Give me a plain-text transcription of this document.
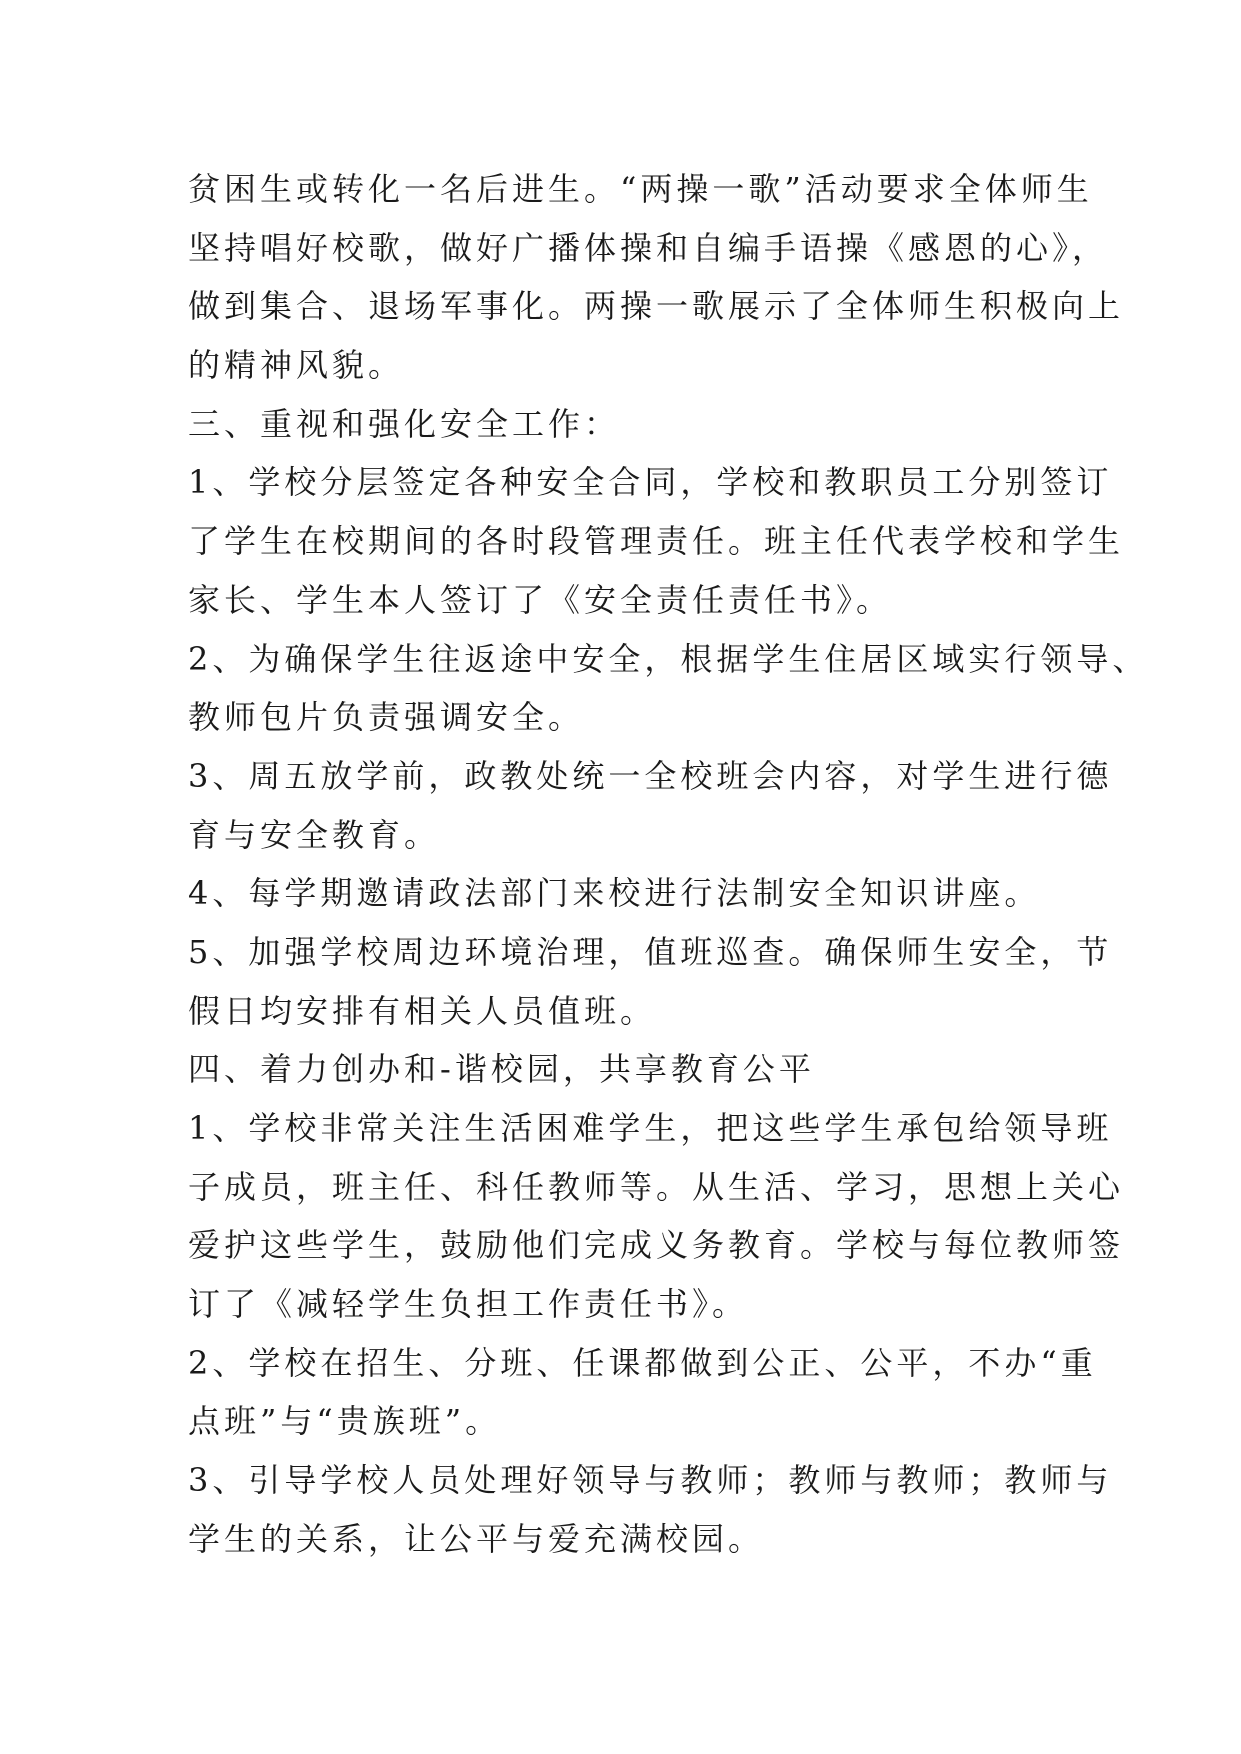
贫困生或转化一名后进生。“两操一歌”活动要求全体师生
坚持唱好校歌，做好广播体操和自编手语操《感恩的心》，
做到集合、退场军事化。两操一歌展示了全体师生积极向上
的精神风貌。
三、重视和强化安全工作：
1、学校分层签定各种安全合同，学校和教职员工分别签订
了学生在校期间的各时段管理责任。班主任代表学校和学生
家长、学生本人签订了《安全责任责任书》。
2、为确保学生往返途中安全，根据学生住居区域实行领导、
教师包片负责强调安全。
3、周五放学前，政教处统一全校班会内容，对学生进行德
育与安全教育。
4、每学期邀请政法部门来校进行法制安全知识讲座。
5、加强学校周边环境治理，值班巡查。确保师生安全，节
假日均安排有相关人员值班。
四、着力创办和-谐校园，共享教育公平
1、学校非常关注生活困难学生，把这些学生承包给领导班
子成员，班主任、科任教师等。从生活、学习，思想上关心
爱护这些学生，鼓励他们完成义务教育。学校与每位教师签
订了《减轻学生负担工作责任书》。
2、学校在招生、分班、任课都做到公正、公平，不办“重
点班”与“贵族班”。
3、引导学校人员处理好领导与教师；教师与教师；教师与
学生的关系，让公平与爱充满校园。
